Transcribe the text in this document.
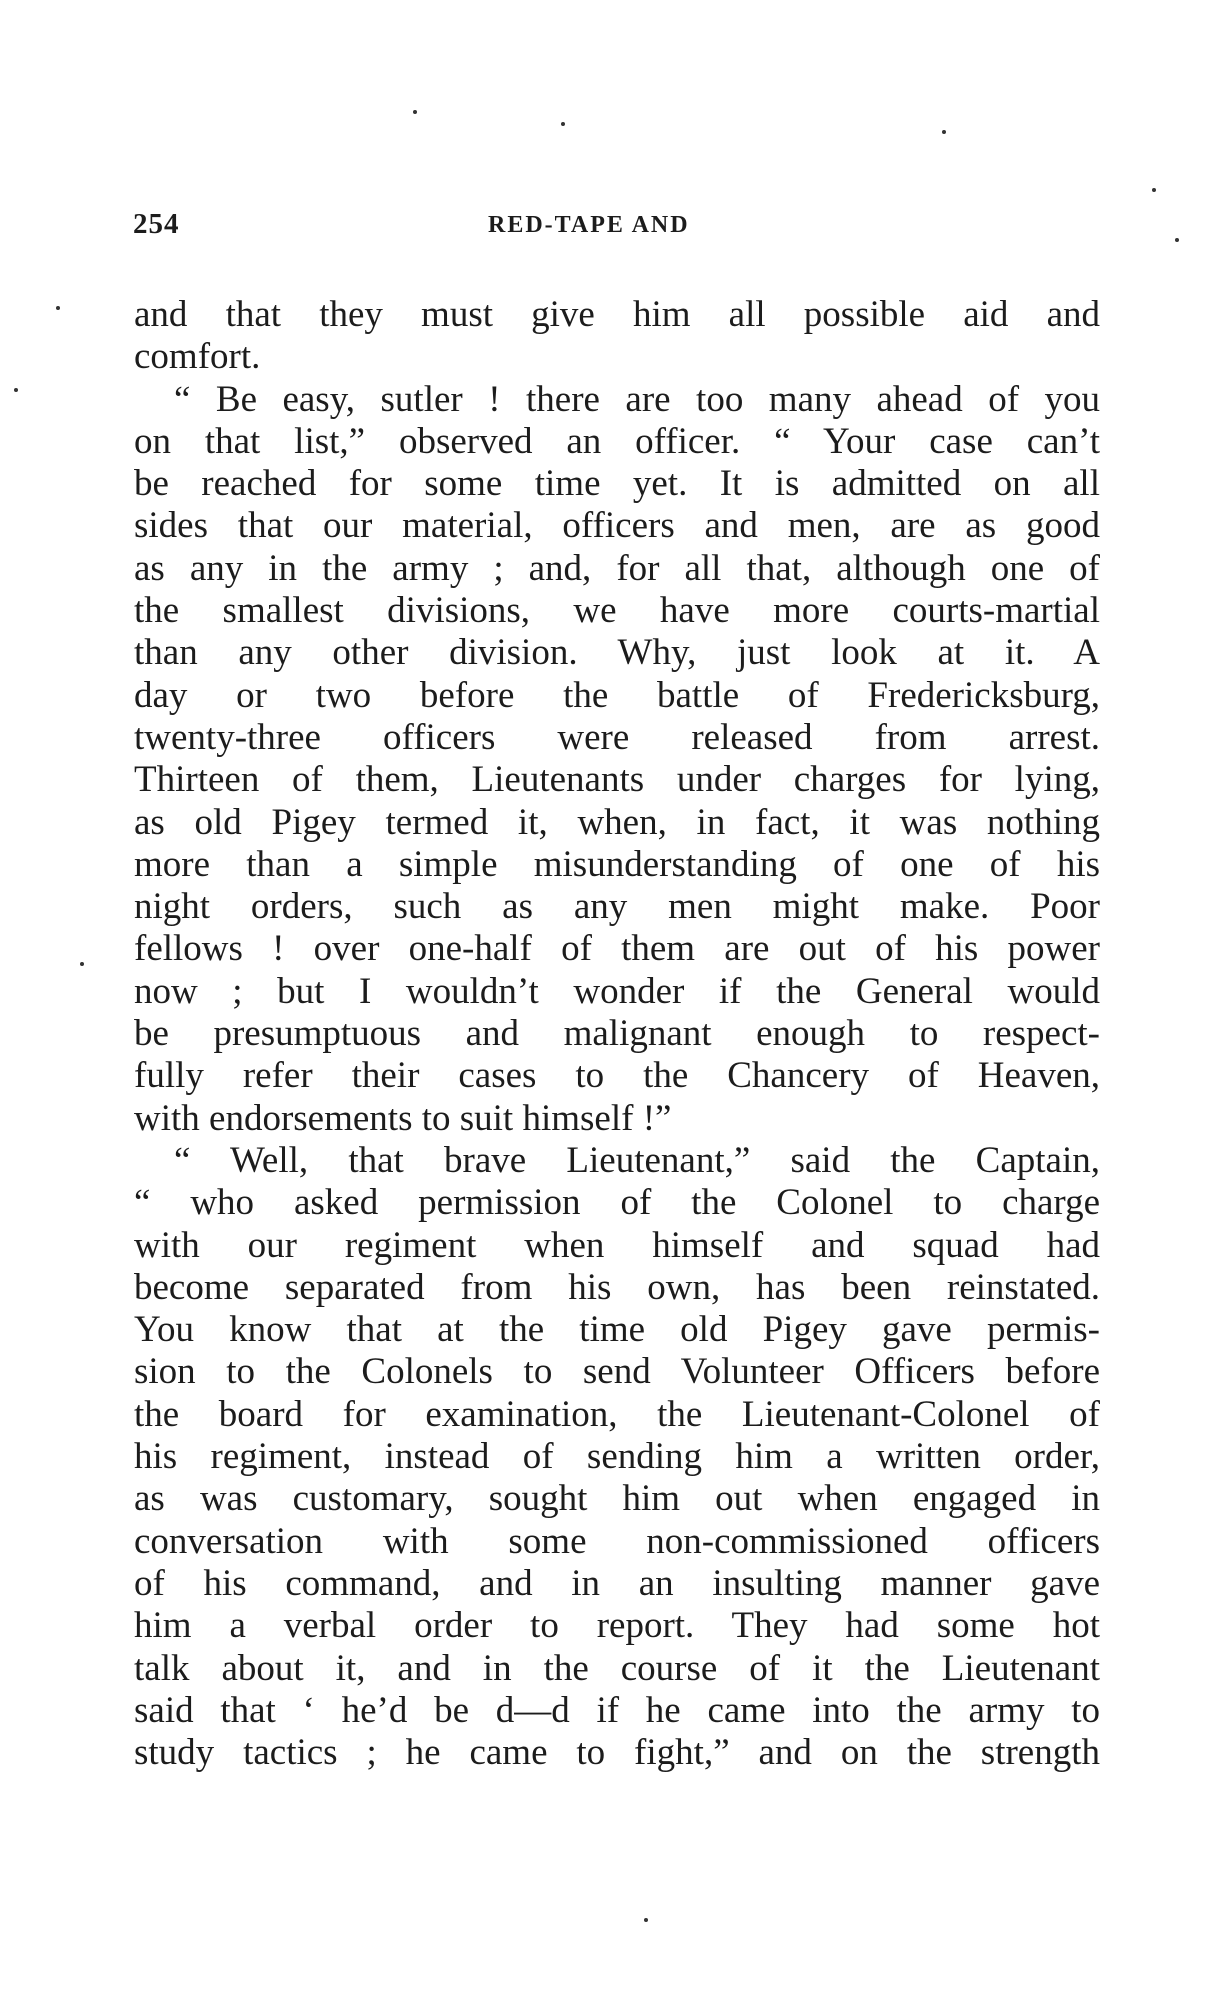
254	RED-TAPE AND

and that they must give him all possible aid and
comfort.

“ Be easy, sutler ! there are too many ahead of you
on that list,” observed an officer. “ Your case can’t
be reached for some time yet. It is admitted on all
sides that our material, officers and men, are as good
as any in the army ; and, for all that, although one of
the smallest divisions, we have more courts-martial
than any other division. Why, just look at it. A
day or two before the battle of Fredericksburg,
twenty-three officers were released from arrest.
Thirteen of them, Lieutenants under charges for lying,
as old Pigey termed it, when, in fact, it was nothing
more than a simple misunderstanding of one of his
night orders, such as any men might make. Poor
fellows ! over one-half of them are out of his power
now ; but I wouldn’t wonder if the General would
be presumptuous and malignant enough to respect-
fully refer their cases to the Chancery of Heaven,
with endorsements to suit himself !”

“ Well, that brave Lieutenant,” said the Captain,
“ who asked permission of the Colonel to charge
with our regiment when himself and squad had
become separated from his own, has been reinstated.
You know that at the time old Pigey gave permis-
sion to the Colonels to send Volunteer Officers before
the board for examination, the Lieutenant-Colonel of
his regiment, instead of sending him a written order,
as was customary, sought him out when engaged in
conversation with some non-commissioned officers
of his command, and in an insulting manner gave
him a verbal order to report. They had some hot
talk about it, and in the course of it the Lieutenant
said that ‘ he’d be d—d if he came into the army to
study tactics ; he came to fight,” and on the strength
